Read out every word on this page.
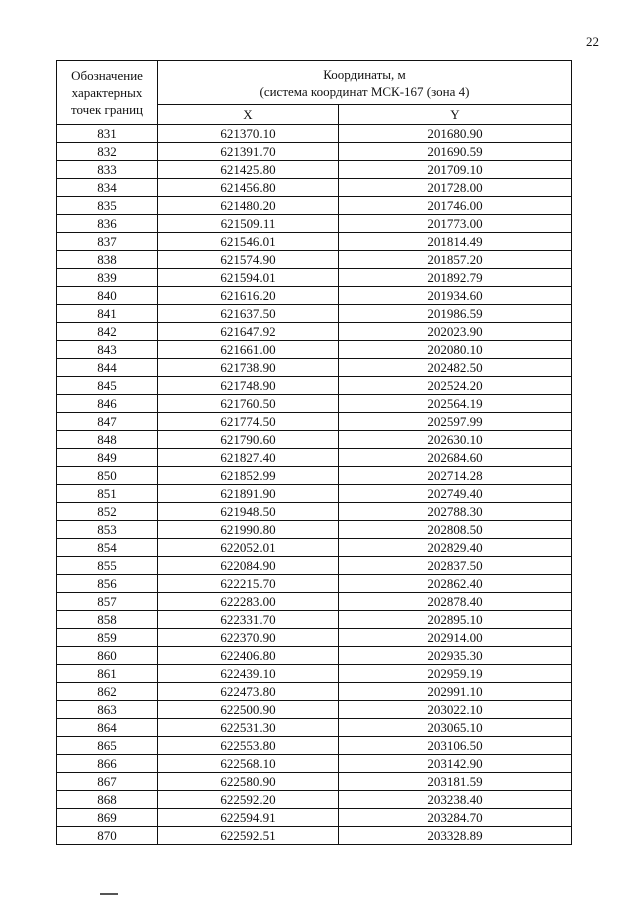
22
Обозначение
характерных
точек границ	Координаты, м
(система координат МСК-167 (зона 4)	

	X	Y
831	621370.10	201680.90
832	621391.70	201690.59
833	621425.80	201709.10
834	621456.80	201728.00
835	621480.20	201746.00
836	621509.11	201773.00
837	621546.01	201814.49
838	621574.90	201857.20
839	621594.01	201892.79
840	621616.20	201934.60
841	621637.50	201986.59
842	621647.92	202023.90
843	621661.00	202080.10
844	621738.90	202482.50
845	621748.90	202524.20
846	621760.50	202564.19
847	621774.50	202597.99
848	621790.60	202630.10
849	621827.40	202684.60
850	621852.99	202714.28
851	621891.90	202749.40
852	621948.50	202788.30
853	621990.80	202808.50
854	622052.01	202829.40
855	622084.90	202837.50
856	622215.70	202862.40
857	622283.00	202878.40
858	622331.70	202895.10
859	622370.90	202914.00
860	622406.80	202935.30
861	622439.10	202959.19
862	622473.80	202991.10
863	622500.90	203022.10
864	622531.30	203065.10
865	622553.80	203106.50
866	622568.10	203142.90
867	622580.90	203181.59
868	622592.20	203238.40
869	622594.91	203284.70
870	622592.51	203328.89
